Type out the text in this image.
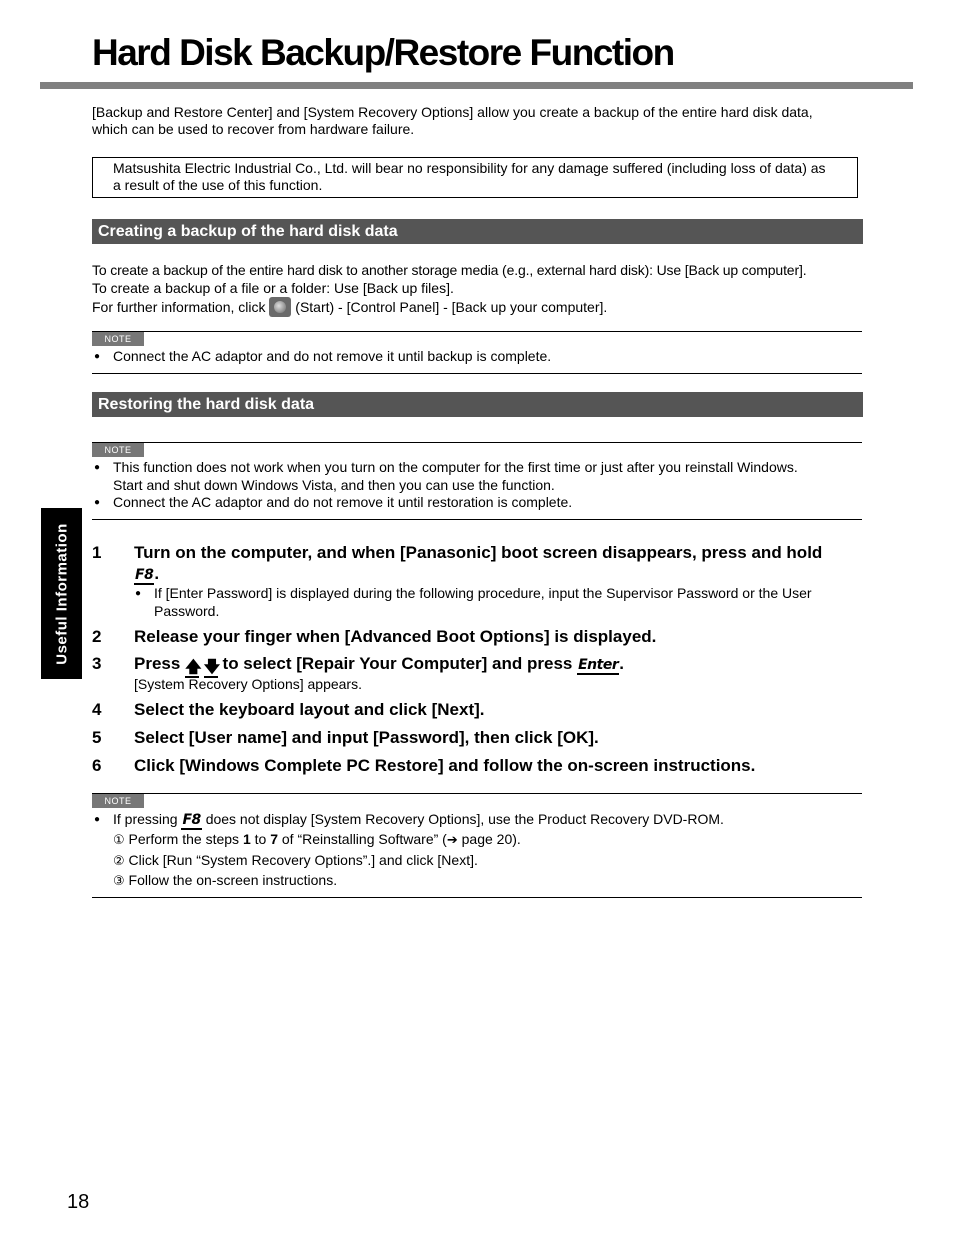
Hard Disk Backup/Restore Function
[Backup and Restore Center] and [System Recovery Options] allow you create a backup of the entire hard disk data,
which can be used to recover from hardware failure.
Matsushita Electric Industrial Co., Ltd. will bear no responsibility for any damage suffered (including loss of data) as
a result of the use of this function.
Creating a backup of the hard disk data
To create a backup of the entire hard disk to another storage media (e.g., external hard disk): Use [Back up computer].
To create a backup of a file or a folder: Use [Back up files].
For further information, click (Start) - [Control Panel] - [Back up your computer].
NOTE
● Connect the AC adaptor and do not remove it until backup is complete.
Restoring the hard disk data
NOTE
● This function does not work when you turn on the computer for the first time or just after you reinstall Windows.
Start and shut down Windows Vista, and then you can use the function.
● Connect the AC adaptor and do not remove it until restoration is complete.
Useful Information 1 Turn on the computer, and when [Panasonic] boot screen disappears, press and hold
F8.
● If [Enter Password] is displayed during the following procedure, input the Supervisor Password or the User
Password.
2 Release your finger when [Advanced Boot Options] is displayed.
3 Press 🡅 🡇 to select [Repair Your Computer] and press Enter.
[System Recovery Options] appears.
4 Select the keyboard layout and click [Next].
5 Select [User name] and input [Password], then click [OK].
6 Click [Windows Complete PC Restore] and follow the on-screen instructions.
NOTE
● If pressing F8 does not display [System Recovery Options], use the Product Recovery DVD-ROM.
① Perform the steps 1 to 7 of “Reinstalling Software” (➔ page 20).
② Click [Run “System Recovery Options”.] and click [Next].
③ Follow the on-screen instructions.
18
